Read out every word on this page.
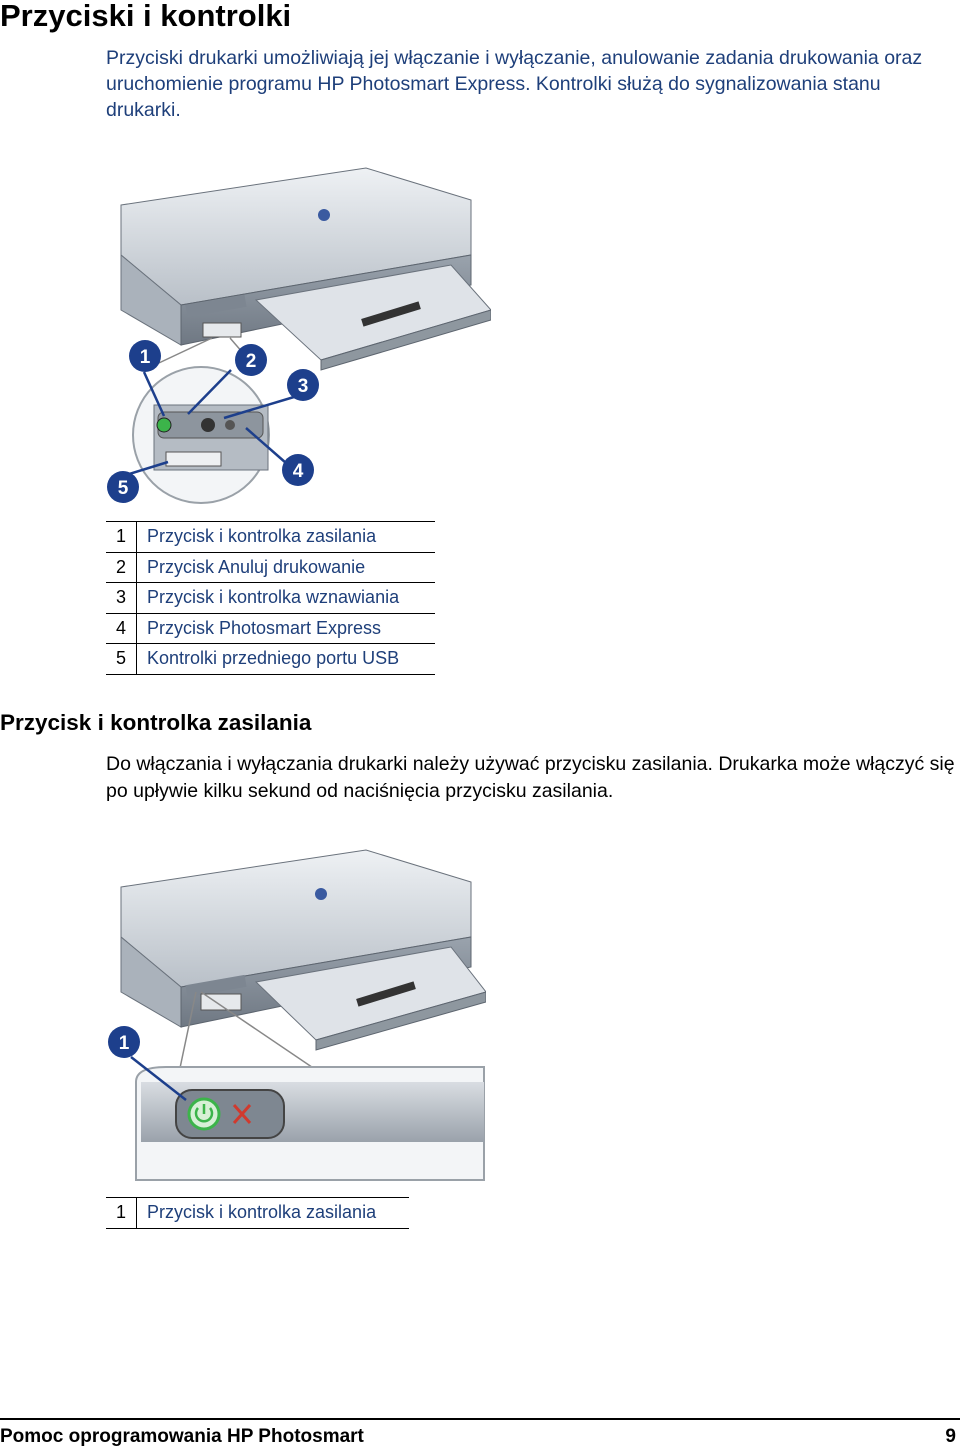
Przyciski i kontrolki
Przyciski drukarki umożliwiają jej włączanie i wyłączanie, anulowanie zadania drukowania oraz uruchomienie programu HP Photosmart Express. Kontrolki służą do sygnalizowania stanu drukarki.
1	2
3
4
5
1	Przycisk i kontrolka zasilania
2	Przycisk Anuluj drukowanie
3	Przycisk i kontrolka wznawiania
4	Przycisk Photosmart Express
5	Kontrolki przedniego portu USB
Przycisk i kontrolka zasilania
Do włączania i wyłączania drukarki należy używać przycisku zasilania. Drukarka może włączyć się po upływie kilku sekund od naciśnięcia przycisku zasilania.
1
1	Przycisk i kontrolka zasilania
Pomoc oprogramowania HP Photosmart	9
